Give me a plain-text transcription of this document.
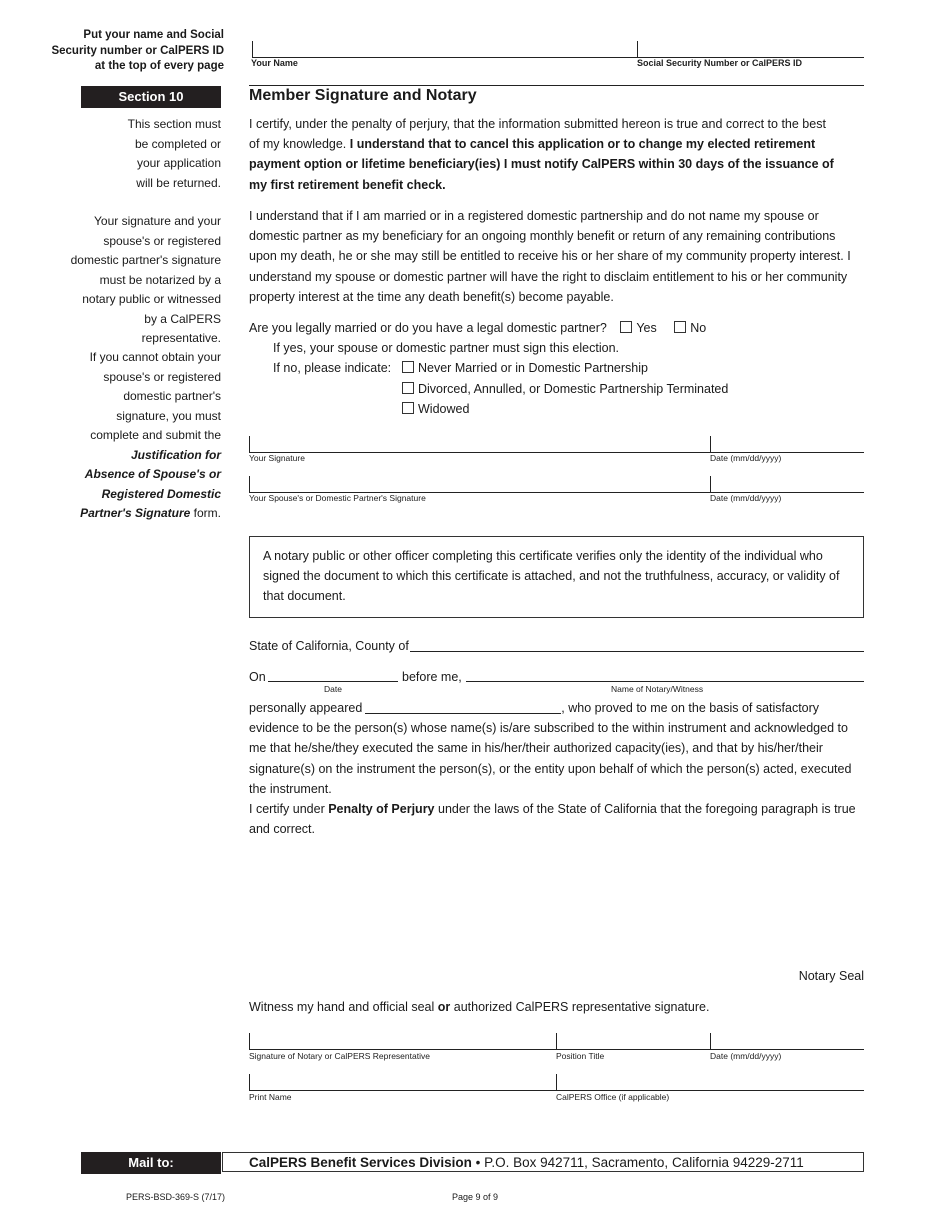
Put your name and Social Security number or CalPERS ID at the top of every page	Your Name	Social Security Number or CalPERS ID
Section 10	Member Signature and Notary
This section must be completed or your application will be returned.
Your signature and your spouse's or registered domestic partner's signature must be notarized by a notary public or witnessed by a CalPERS representative.
If you cannot obtain your spouse's or registered domestic partner's signature, you must complete and submit the Justification for Absence of Spouse's or Registered Domestic Partner's Signature form.
I certify, under the penalty of perjury, that the information submitted hereon is true and correct to the best of my knowledge. I understand that to cancel this application or to change my elected retirement payment option or lifetime beneficiary(ies) I must notify CalPERS within 30 days of the issuance of my first retirement benefit check.
I understand that if I am married or in a registered domestic partnership and do not name my spouse or domestic partner as my beneficiary for an ongoing monthly benefit or return of any remaining contributions upon my death, he or she may still be entitled to receive his or her share of my community property interest. I understand my spouse or domestic partner will have the right to disclaim entitlement to his or her community property interest at the time any death benefit(s) become payable.
Are you legally married or do you have a legal domestic partner? Yes	No
If yes, your spouse or domestic partner must sign this election.
If no, please indicate:	Never Married or in Domestic Partnership
Divorced, Annulled, or Domestic Partnership Terminated
Widowed
Your Signature	Date (mm/dd/yyyy)
Your Spouse's or Domestic Partner's Signature	Date (mm/dd/yyyy)
A notary public or other officer completing this certificate verifies only the identity of the individual who signed the document to which this certificate is attached, and not the truthfulness, accuracy, or validity of that document.
State of California, County of
On	before me,
Date	Name of Notary/Witness
personally appeared	, who proved to me on the basis of satisfactory evidence to be the person(s) whose name(s) is/are subscribed to the within instrument and acknowledged to me that he/she/they executed the same in his/her/their authorized capacity(ies), and that by his/her/their signature(s) on the instrument the person(s), or the entity upon behalf of which the person(s) acted, executed the instrument.
I certify under Penalty of Perjury under the laws of the State of California that the foregoing paragraph is true and correct.
Notary Seal
Witness my hand and official seal or authorized CalPERS representative signature.
Signature of Notary or CalPERS Representative	Position Title	Date (mm/dd/yyyy)
Print Name	CalPERS Office (if applicable)
Mail to:	CalPERS Benefit Services Division • P.O. Box 942711, Sacramento, California 94229-2711
PERS-BSD-369-S (7/17)	Page 9 of 9
